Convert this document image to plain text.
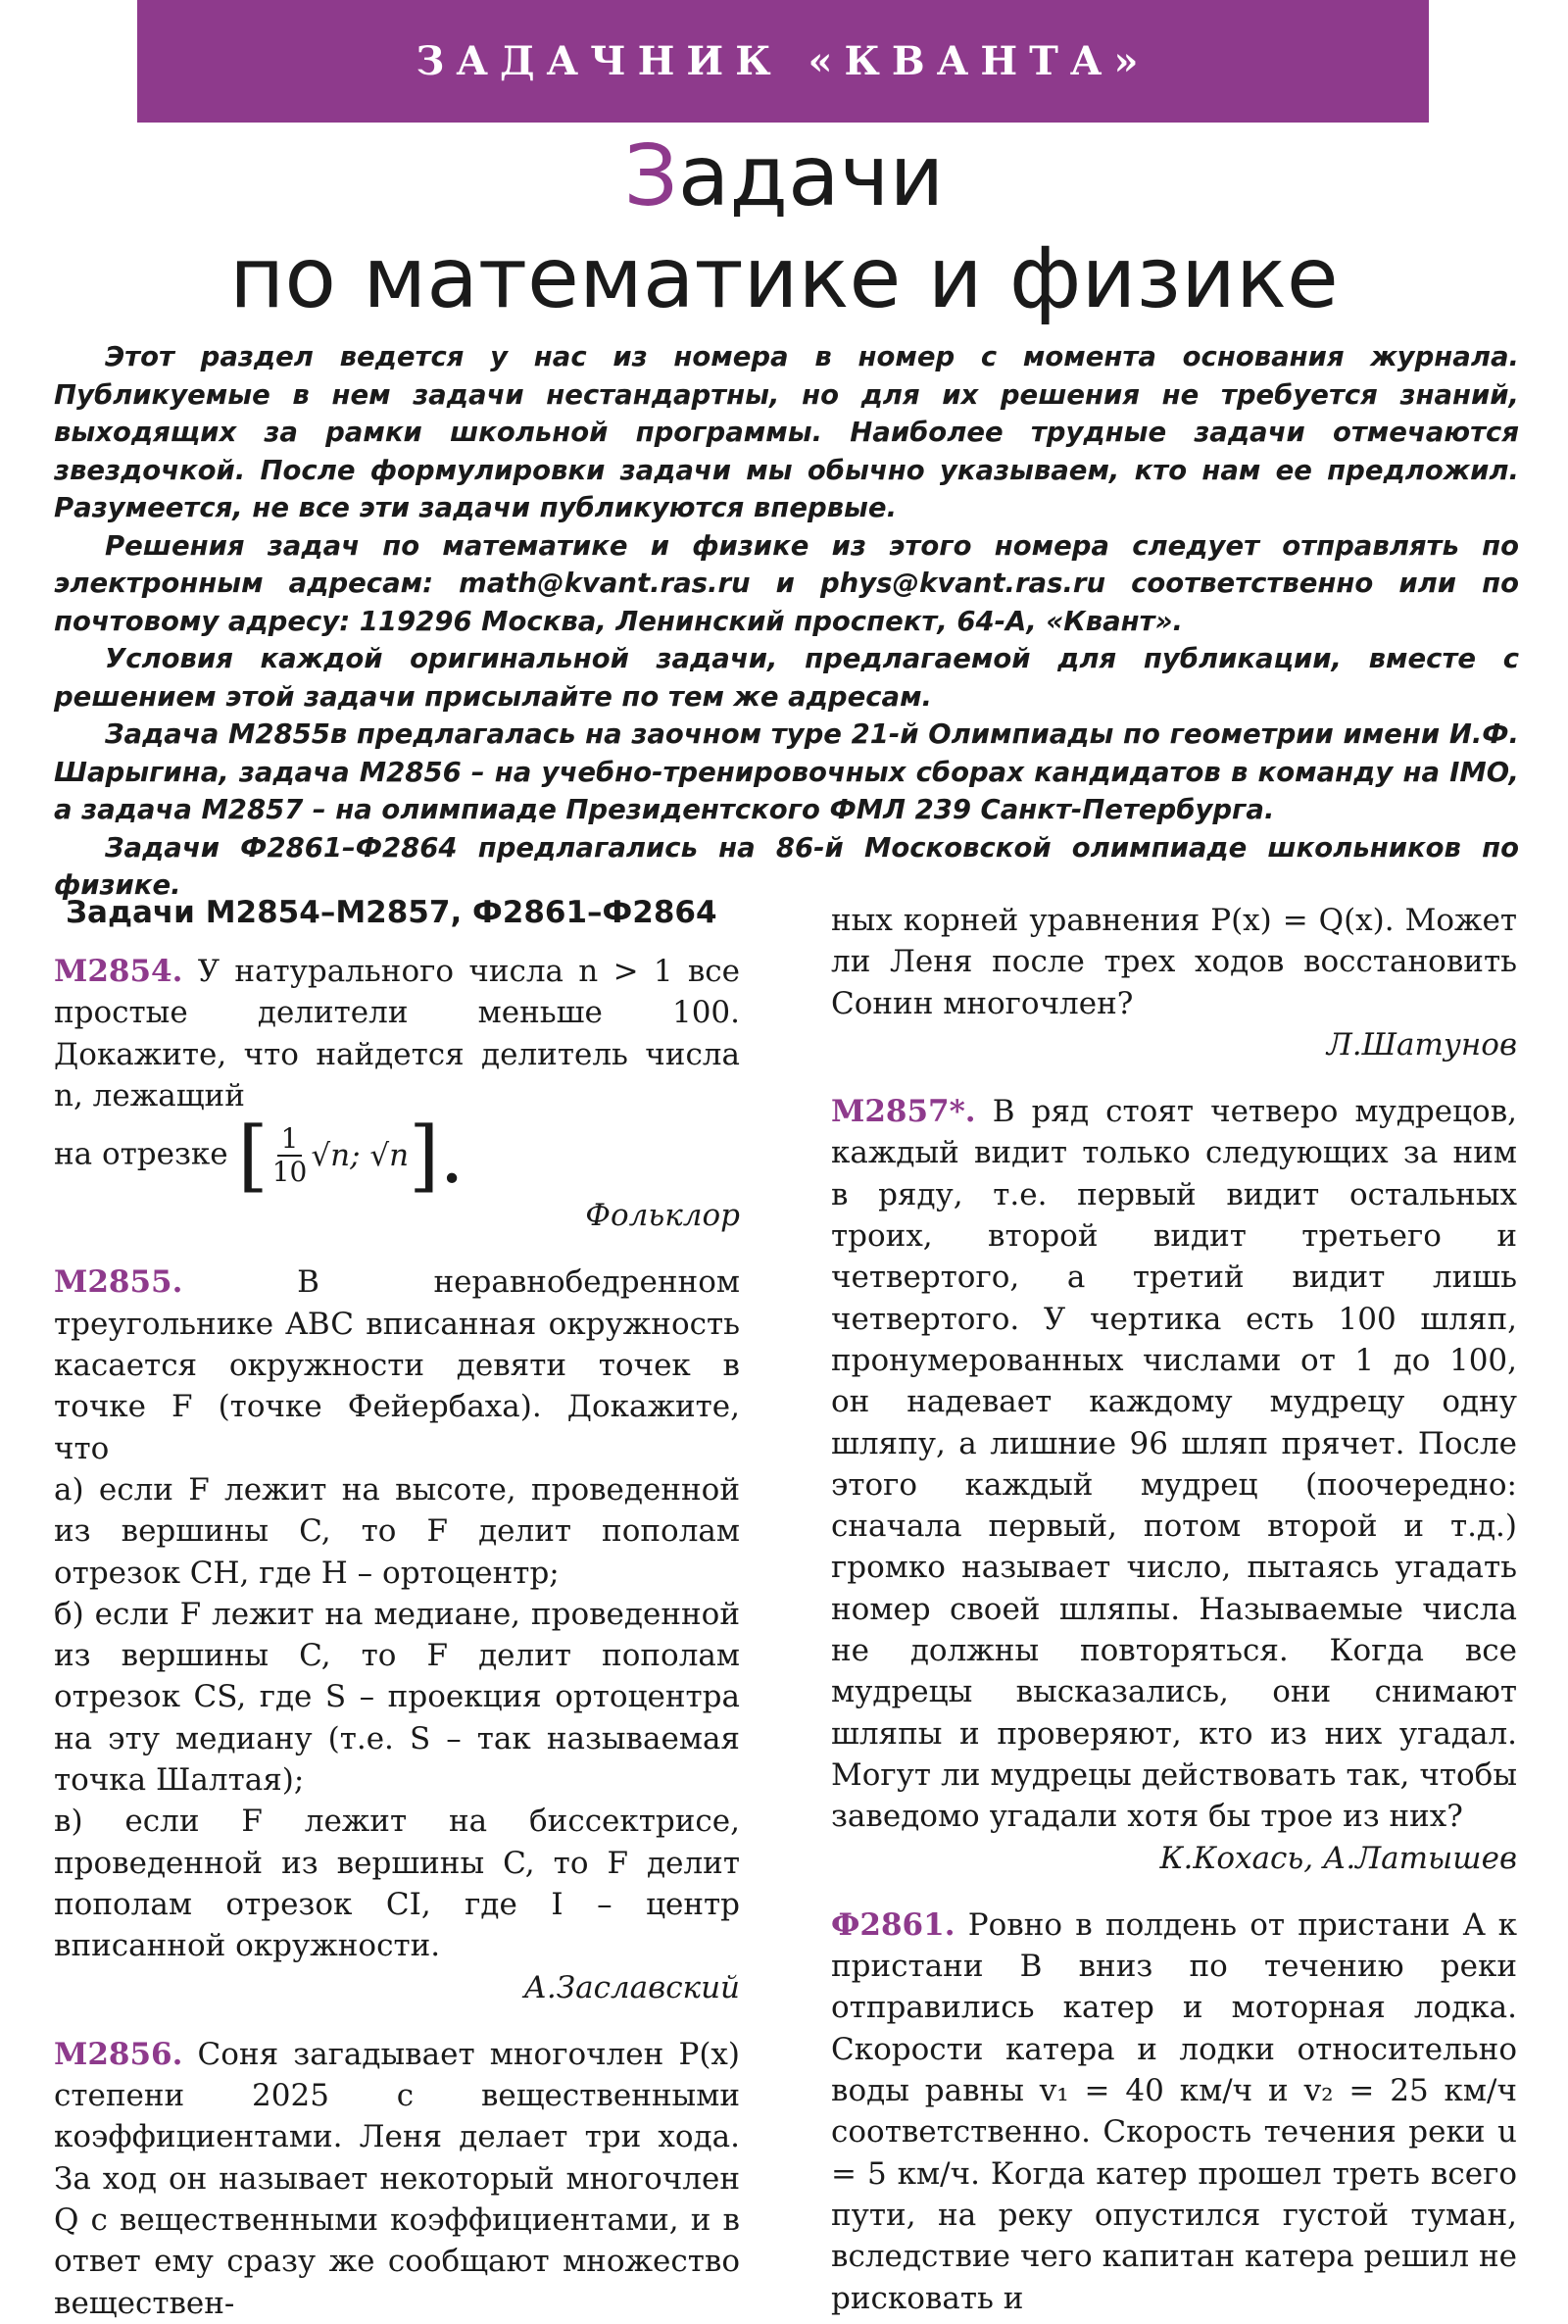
ЗАДАЧНИК «КВАНТА»
Задачи
по математике и физике

Этот раздел ведется у нас из номера в номер с момента основания журнала. Публикуемые в нем задачи нестандартны, но для их решения не требуется знаний, выходящих за рамки школьной программы. Наиболее трудные задачи отмечаются звездочкой. После формулировки задачи мы обычно указываем, кто нам ее предложил. Разумеется, не все эти задачи публикуются впервые.

Решения задач по математике и физике из этого номера следует отправлять по электронным адресам: math@kvant.ras.ru и phys@kvant.ras.ru соответственно или по почтовому адресу: 119296 Москва, Ленинский проспект, 64-А, «Квант».

Условия каждой оригинальной задачи, предлагаемой для публикации, вместе с решением этой задачи присылайте по тем же адресам.

Задача М2855в предлагалась на заочном туре 21-й Олимпиады по геометрии имени И.Ф. Шарыгина, задача М2856 – на учебно-тренировочных сборах кандидатов в команду на IMO, а задача М2857 – на олимпиаде Президентского ФМЛ 239 Санкт-Петербурга.

Задачи Ф2861–Ф2864 предлагались на 86-й Московской олимпиаде школьников по физике.

Задачи М2854–М2857, Ф2861–Ф2864

М2854. У натурального числа n > 1 все простые делители меньше 100. Докажите, что найдется делитель числа n, лежащий

на отрезке [ $\frac{1}{10} √n$; √n ].

Фольклор

М2855.	В неравнобедренном треугольнике ABC вписанная окружность касается окружности девяти точек в точке F (точке Фейербаха). Докажите, что

а) если F лежит на высоте, проведенной из вершины C, то F делит пополам отрезок CH, где H – ортоцентр;

б) если F лежит на медиане, проведенной из вершины C, то F делит пополам отрезок CS, где S – проекция ортоцентра на эту медиану (т.е. S – так называемая точка Шалтая);

в) если F лежит на биссектрисе, проведенной из вершины C, то F делит пополам отрезок CI, где I – центр вписанной окружности.

А.Заславский

М2856. Соня загадывает многочлен P(x) степени 2025 с вещественными коэффициентами. Леня делает три хода. За ход он называет некоторый многочлен Q с вещественными коэффициентами, и в ответ ему сразу же сообщают множество веществен-

ных корней уравнения P(x) = Q(x). Может ли Леня после трех ходов восстановить Сонин многочлен?

Л.Шатунов

М2857*. В ряд стоят четверо мудрецов, каждый видит только следующих за ним в ряду, т.е. первый видит остальных троих, второй видит третьего и четвертого, а третий видит лишь четвертого. У чертика есть 100 шляп, пронумерованных числами от 1 до 100, он надевает каждому мудрецу одну шляпу, а лишние 96 шляп прячет. После этого каждый мудрец (поочередно: сначала первый, потом второй и т.д.) громко называет число, пытаясь угадать номер своей шляпы. Называемые числа не должны повторяться. Когда все мудрецы высказались, они снимают шляпы и проверяют, кто из них угадал. Могут ли мудрецы действовать так, чтобы заведомо угадали хотя бы трое из них?

К.Кохась, А.Латышев

Ф2861. Ровно в полдень от пристани A к пристани B вниз по течению реки отправились катер и моторная лодка. Скорости катера и лодки относительно воды равны v₁ = 40 км/ч и v₂ = 25 км/ч соответственно. Скорость течения реки u = 5 км/ч. Когда катер прошел треть всего пути, на реку опустился густой туман, вследствие чего капитан катера решил не рисковать и
